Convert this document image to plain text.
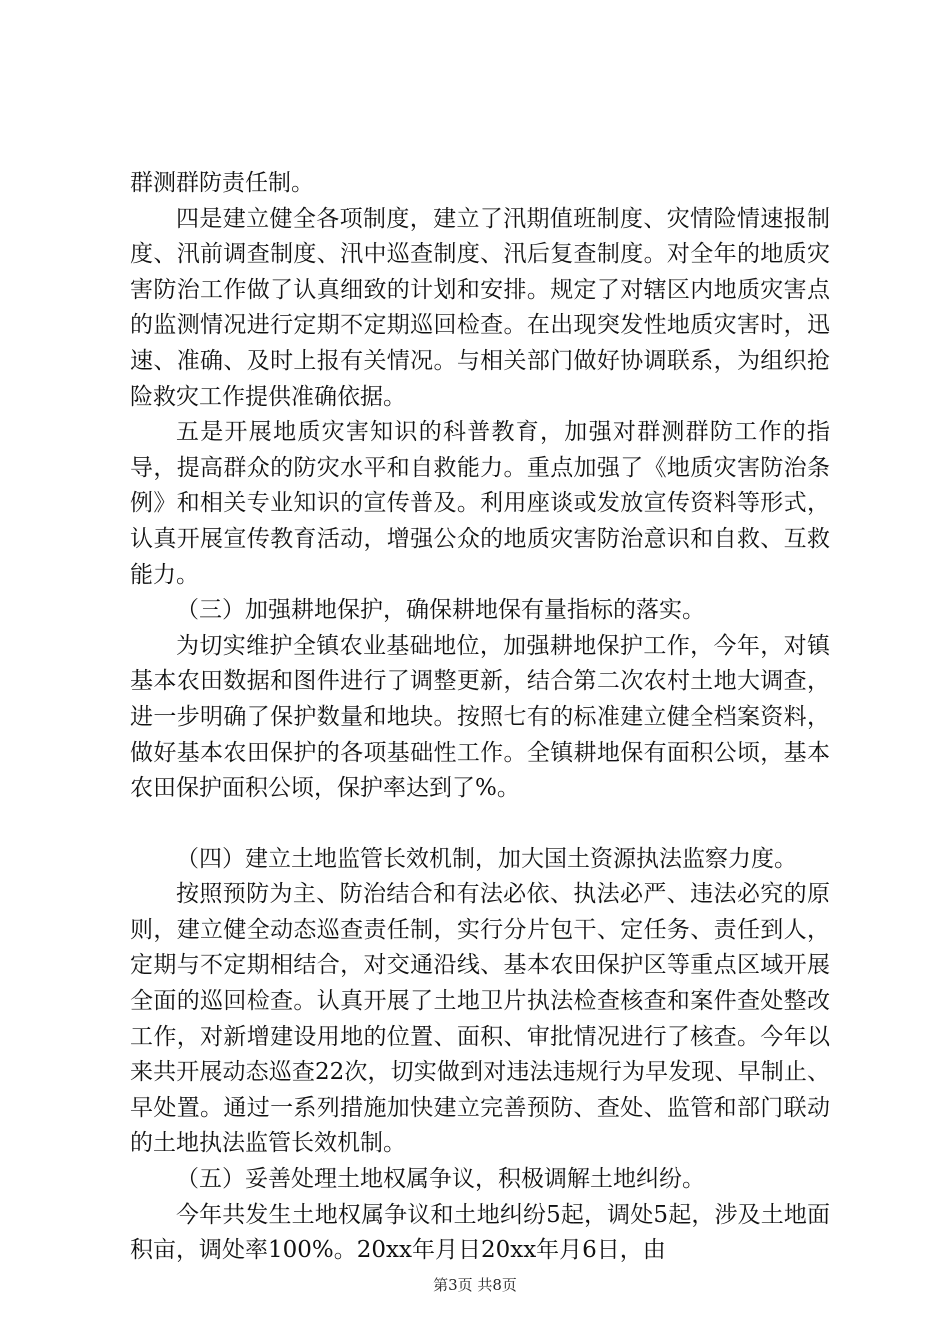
群测群防责任制。

四是建立健全各项制度，建立了汛期值班制度、灾情险情速报制度、汛前调查制度、汛中巡查制度、汛后复查制度。对全年的地质灾害防治工作做了认真细致的计划和安排。规定了对辖区内地质灾害点的监测情况进行定期不定期巡回检查。在出现突发性地质灾害时，迅速、准确、及时上报有关情况。与相关部门做好协调联系，为组织抢险救灾工作提供准确依据。

五是开展地质灾害知识的科普教育，加强对群测群防工作的指导，提高群众的防灾水平和自救能力。重点加强了《地质灾害防治条例》和相关专业知识的宣传普及。利用座谈或发放宣传资料等形式，认真开展宣传教育活动，增强公众的地质灾害防治意识和自救、互救能力。

（三）加强耕地保护，确保耕地保有量指标的落实。

为切实维护全镇农业基础地位，加强耕地保护工作，今年，对镇基本农田数据和图件进行了调整更新，结合第二次农村土地大调查，进一步明确了保护数量和地块。按照七有的标准建立健全档案资料，做好基本农田保护的各项基础性工作。全镇耕地保有面积公顷，基本农田保护面积公顷，保护率达到了%。

（四）建立土地监管长效机制，加大国土资源执法监察力度。

按照预防为主、防治结合和有法必依、执法必严、违法必究的原则，建立健全动态巡查责任制，实行分片包干、定任务、责任到人，定期与不定期相结合，对交通沿线、基本农田保护区等重点区域开展全面的巡回检查。认真开展了土地卫片执法检查核查和案件查处整改工作，对新增建设用地的位置、面积、审批情况进行了核查。今年以来共开展动态巡查22次，切实做到对违法违规行为早发现、早制止、早处置。通过一系列措施加快建立完善预防、查处、监管和部门联动的土地执法监管长效机制。

（五）妥善处理土地权属争议，积极调解土地纠纷。

今年共发生土地权属争议和土地纠纷5起，调处5起，涉及土地面积亩，调处率100%。20xx年月日20xx年月6日，由

第3页 共8页
